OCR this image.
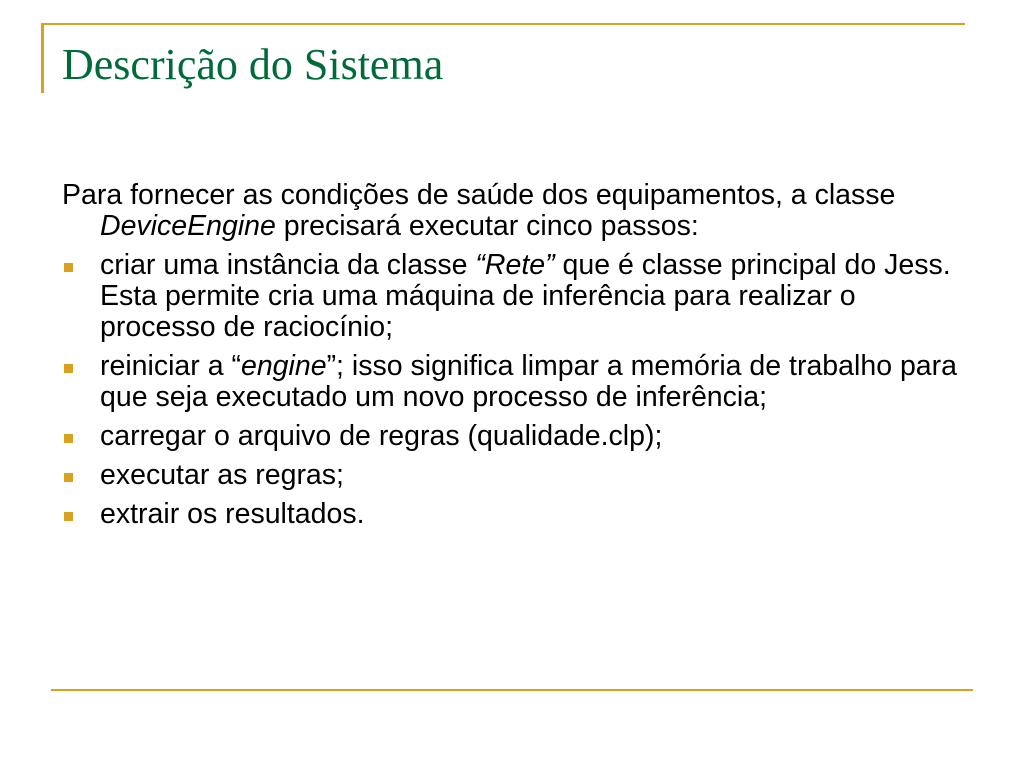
Descrição do Sistema

Para fornecer as condições de saúde dos equipamentos, a classe DeviceEngine precisará executar cinco passos:

criar uma instância da classe “Rete” que é classe principal do Jess. Esta permite cria uma máquina de inferência para realizar o processo de raciocínio;
reiniciar a “engine”; isso significa limpar a memória de trabalho para que seja executado um novo processo de inferência;
carregar o arquivo de regras (qualidade.clp);
executar as regras;
extrair os resultados.
